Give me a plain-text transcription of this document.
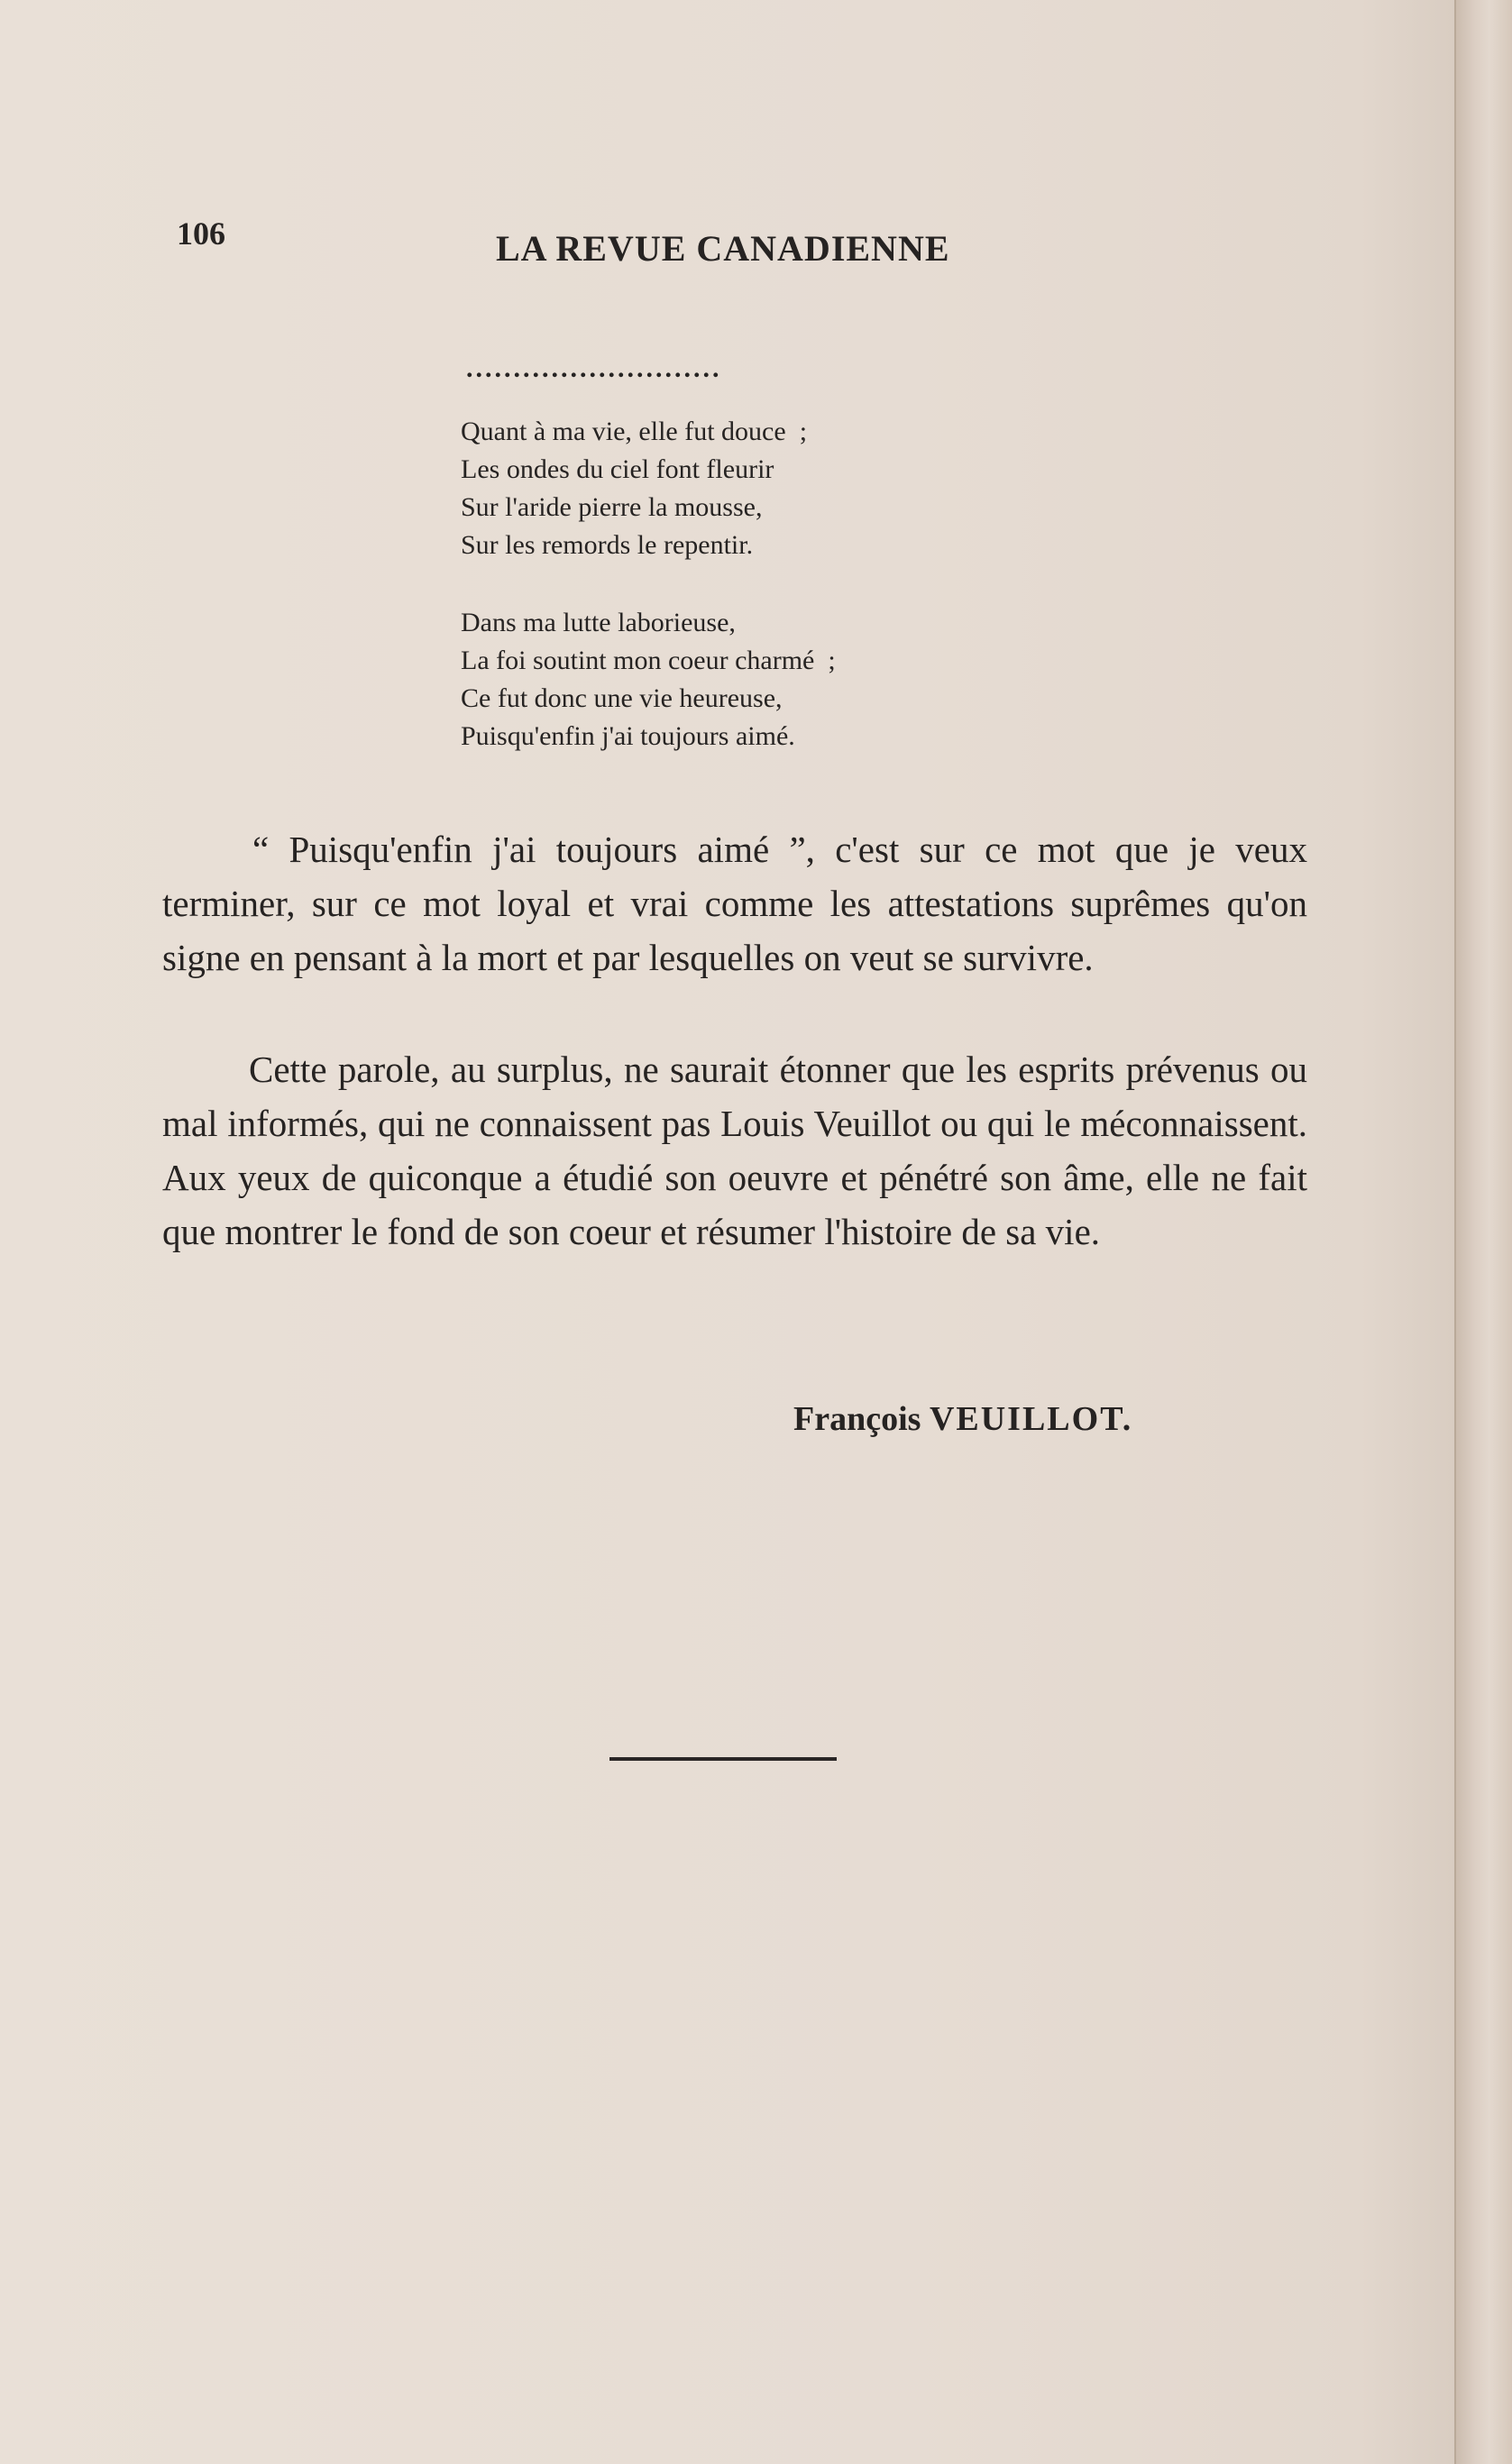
106	LA REVUE CANADIENNE
...........................
Quant à ma vie, elle fut douce  ;
Les ondes du ciel font fleurir
Sur l'aride pierre la mousse,
Sur les remords le repentir.
Dans ma lutte laborieuse,
La foi soutint mon coeur charmé  ;
Ce fut donc une vie heureuse,
Puisqu'enfin j'ai toujours aimé.

“ Puisqu'enfin j'ai toujours aimé ”, c'est sur ce mot que je veux terminer, sur ce mot loyal et vrai comme les attestations suprêmes qu'on signe en pensant à la mort et par lesquelles on veut se survivre.

Cette parole, au surplus, ne saurait étonner que les esprits prévenus ou mal informés, qui ne connaissent pas Louis Veuillot ou qui le méconnaissent. Aux yeux de quiconque a étudié son oeuvre et pénétré son âme, elle ne fait que montrer le fond de son coeur et résumer l'histoire de sa vie.

François VEUILLOT.
